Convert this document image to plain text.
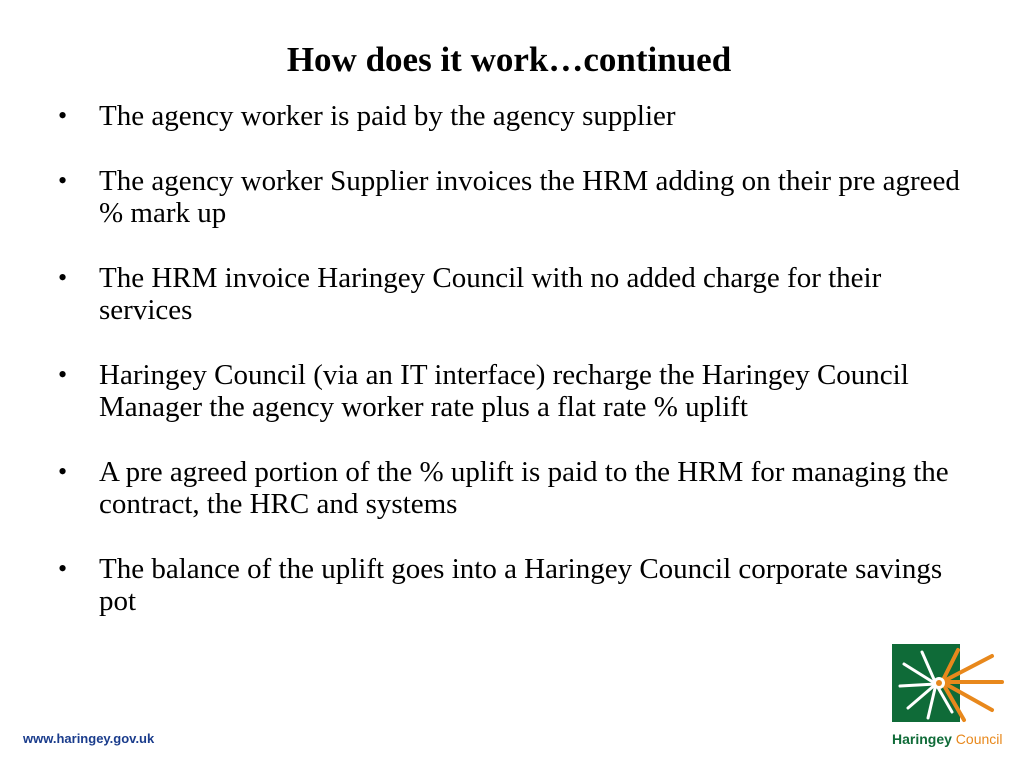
How does it work…continued
• The agency worker is paid by the agency supplier
• The agency worker Supplier invoices the HRM adding on their pre agreed % mark up
• The HRM invoice Haringey Council with no added charge for their services
• Haringey Council (via an IT interface) recharge the Haringey Council Manager the agency worker rate plus a flat rate % uplift
• A pre agreed portion of the % uplift is paid to the HRM for managing the contract, the HRC and systems
• The balance of the uplift goes into a Haringey Council corporate savings pot
www.haringey.gov.uk	Haringey Council
